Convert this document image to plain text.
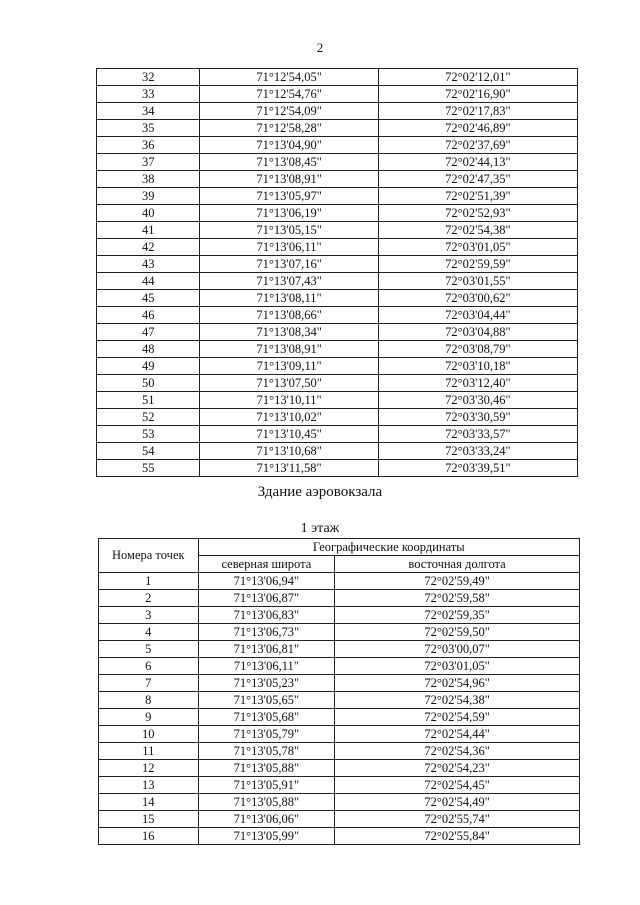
2
32	71°12'54,05"	72°02'12,01"
33	71°12'54,76"	72°02'16,90"
34	71°12'54,09"	72°02'17,83"
35	71°12'58,28"	72°02'46,89"
36	71°13'04,90"	72°02'37,69"
37	71°13'08,45"	72°02'44,13"
38	71°13'08,91"	72°02'47,35"
39	71°13'05,97"	72°02'51,39"
40	71°13'06,19"	72°02'52,93"
41	71°13'05,15"	72°02'54,38"
42	71°13'06,11"	72°03'01,05"
43	71°13'07,16"	72°02'59,59"
44	71°13'07,43"	72°03'01,55"
45	71°13'08,11"	72°03'00,62"
46	71°13'08,66"	72°03'04,44"
47	71°13'08,34"	72°03'04,88"
48	71°13'08,91"	72°03'08,79"
49	71°13'09,11"	72°03'10,18"
50	71°13'07,50"	72°03'12,40"
51	71°13'10,11"	72°03'30,46"
52	71°13'10,02"	72°03'30,59"
53	71°13'10,45"	72°03'33,57"
54	71°13'10,68"	72°03'33,24"
55	71°13'11,58"	72°03'39,51"
Здание аэровокзала
1 этаж
Номера точек	Географические координаты	
	северная широта	восточная долгота
1	71°13'06,94"	72°02'59,49"
2	71°13'06,87"	72°02'59,58"
3	71°13'06,83"	72°02'59,35"
4	71°13'06,73"	72°02'59,50"
5	71°13'06,81"	72°03'00,07"
6	71°13'06,11"	72°03'01,05"
7	71°13'05,23"	72°02'54,96"
8	71°13'05,65"	72°02'54,38"
9	71°13'05,68"	72°02'54,59"
10	71°13'05,79"	72°02'54,44"
11	71°13'05,78"	72°02'54,36"
12	71°13'05,88"	72°02'54,23"
13	71°13'05,91"	72°02'54,45"
14	71°13'05,88"	72°02'54,49"
15	71°13'06,06"	72°02'55,74"
16	71°13'05,99"	72°02'55,84"
